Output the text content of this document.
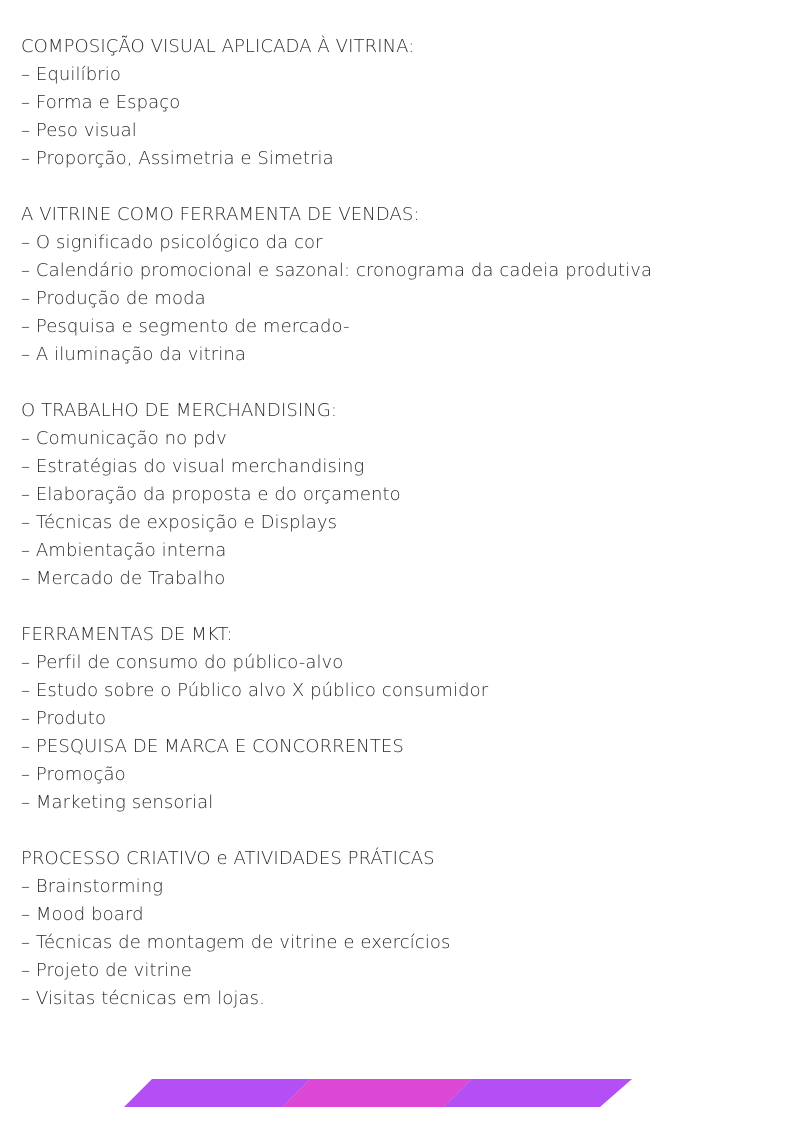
COMPOSIÇÃO VISUAL APLICADA À VITRINA:
– Equilíbrio
– Forma e Espaço
– Peso visual
– Proporção, Assimetria e Simetria
A VITRINE COMO FERRAMENTA DE VENDAS:
– O significado psicológico da cor
– Calendário promocional e sazonal: cronograma da cadeia produtiva
– Produção de moda
– Pesquisa e segmento de mercado-
– A iluminação da vitrina
O TRABALHO DE MERCHANDISING:
– Comunicação no pdv
– Estratégias do visual merchandising
– Elaboração da proposta e do orçamento
– Técnicas de exposição e Displays
– Ambientação interna
– Mercado de Trabalho
FERRAMENTAS DE MKT:
– Perfil de consumo do público-alvo
– Estudo sobre o Público alvo X público consumidor
– Produto
– PESQUISA DE MARCA E CONCORRENTES
– Promoção
– Marketing sensorial
PROCESSO CRIATIVO e ATIVIDADES PRÁTICAS
– Brainstorming
– Mood board
– Técnicas de montagem de vitrine e exercícios
– Projeto de vitrine
– Visitas técnicas em lojas.
